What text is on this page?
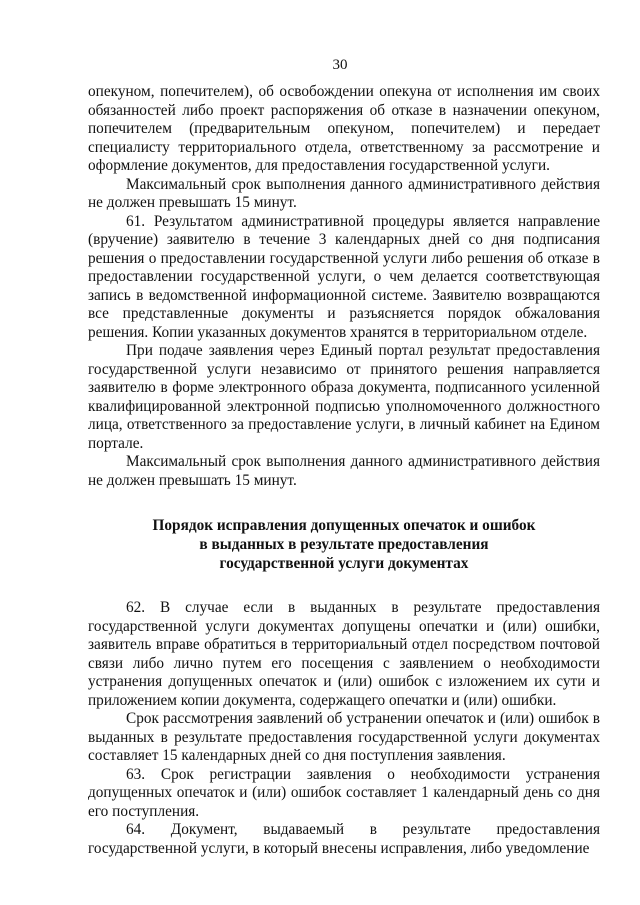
30

опекуном, попечителем), об освобождении опекуна от исполнения им своих обязанностей либо проект распоряжения об отказе в назначении опекуном, попечителем (предварительным опекуном, попечителем) и передает специалисту территориального отдела, ответственному за рассмотрение и оформление документов, для предоставления государственной услуги.

Максимальный срок выполнения данного административного действия не должен превышать 15 минут.

61. Результатом административной процедуры является направление (вручение) заявителю в течение 3 календарных дней со дня подписания решения о предоставлении государственной услуги либо решения об отказе в предоставлении государственной услуги, о чем делается соответствующая запись в ведомственной информационной системе. Заявителю возвращаются все представленные документы и разъясняется порядок обжалования решения. Копии указанных документов хранятся в территориальном отделе.

При подаче заявления через Единый портал результат предоставления государственной услуги независимо от принятого решения направляется заявителю в форме электронного образа документа, подписанного усиленной квалифицированной электронной подписью уполномоченного должностного лица, ответственного за предоставление услуги, в личный кабинет на Едином портале.

Максимальный срок выполнения данного административного действия не должен превышать 15 минут.

Порядок исправления допущенных опечаток и ошибок
в выданных в результате предоставления
государственной услуги документах

62. В случае если в выданных в результате предоставления государственной услуги документах допущены опечатки и (или) ошибки, заявитель вправе обратиться в территориальный отдел посредством почтовой связи либо лично путем его посещения с заявлением о необходимости устранения допущенных опечаток и (или) ошибок с изложением их сути и приложением копии документа, содержащего опечатки и (или) ошибки.

Срок рассмотрения заявлений об устранении опечаток и (или) ошибок в выданных в результате предоставления государственной услуги документах составляет 15 календарных дней со дня поступления заявления.

63. Срок регистрации заявления о необходимости устранения допущенных опечаток и (или) ошибок составляет 1 календарный день со дня его поступления.

64. Документ, выдаваемый в результате предоставления государственной услуги, в который внесены исправления, либо уведомление
